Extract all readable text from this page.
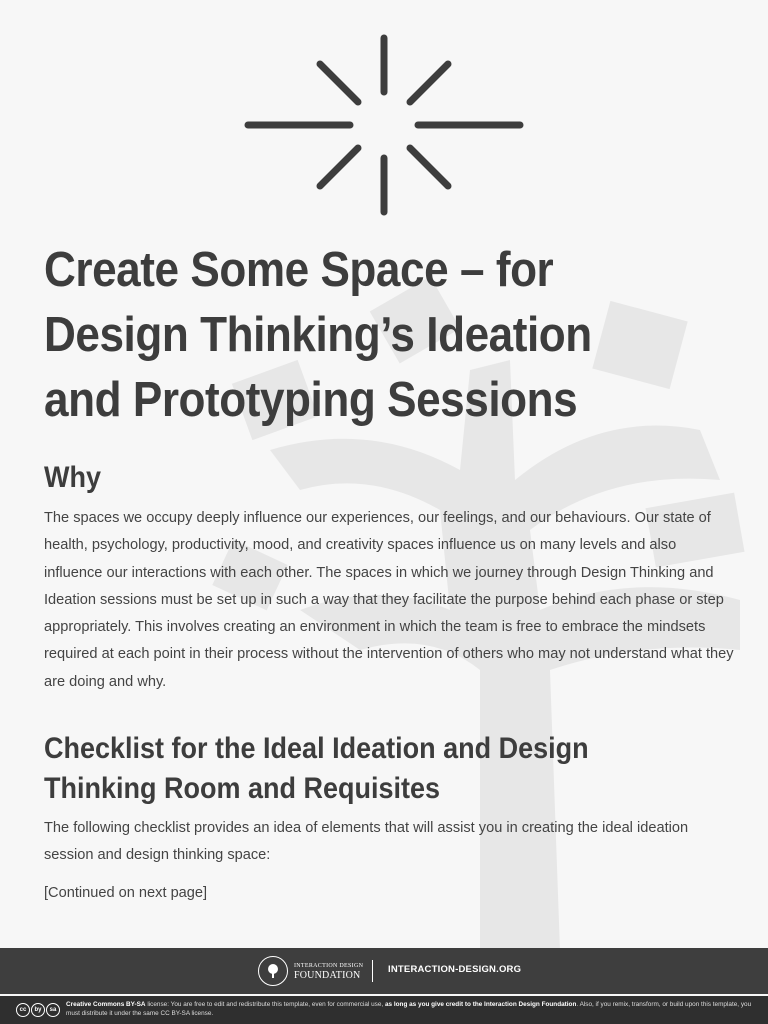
Create Some Space – for Design Thinking’s Ideation and Prototyping Sessions
Why

The spaces we occupy deeply influence our experiences, our feelings, and our behaviours. Our state of health, psychology, productivity, mood, and creativity spaces influence us on many levels and also influence our interactions with each other. The spaces in which we journey through Design Thinking and Ideation sessions must be set up in such a way that they facilitate the purpose behind each phase or step appropriately. This involves creating an environment in which the team is free to embrace the mindsets required at each point in their process without the intervention of others who may not understand what they are doing and why.

Checklist for the Ideal Ideation and Design Thinking Room and Requisites

The following checklist provides an idea of elements that will assist you in creating the ideal ideation session and design thinking space:

[Continued on next page]

INTERACTION DESIGN
FOUNDATION
INTERACTION-DESIGN.ORG
cc	by	sa
Creative Commons BY-SA license: You are free to edit and redistribute this template, even for commercial use, as long as you give credit to the Interaction Design Foundation. Also, if you remix, transform, or build upon this template, you must distribute it under the same CC BY-SA license.
